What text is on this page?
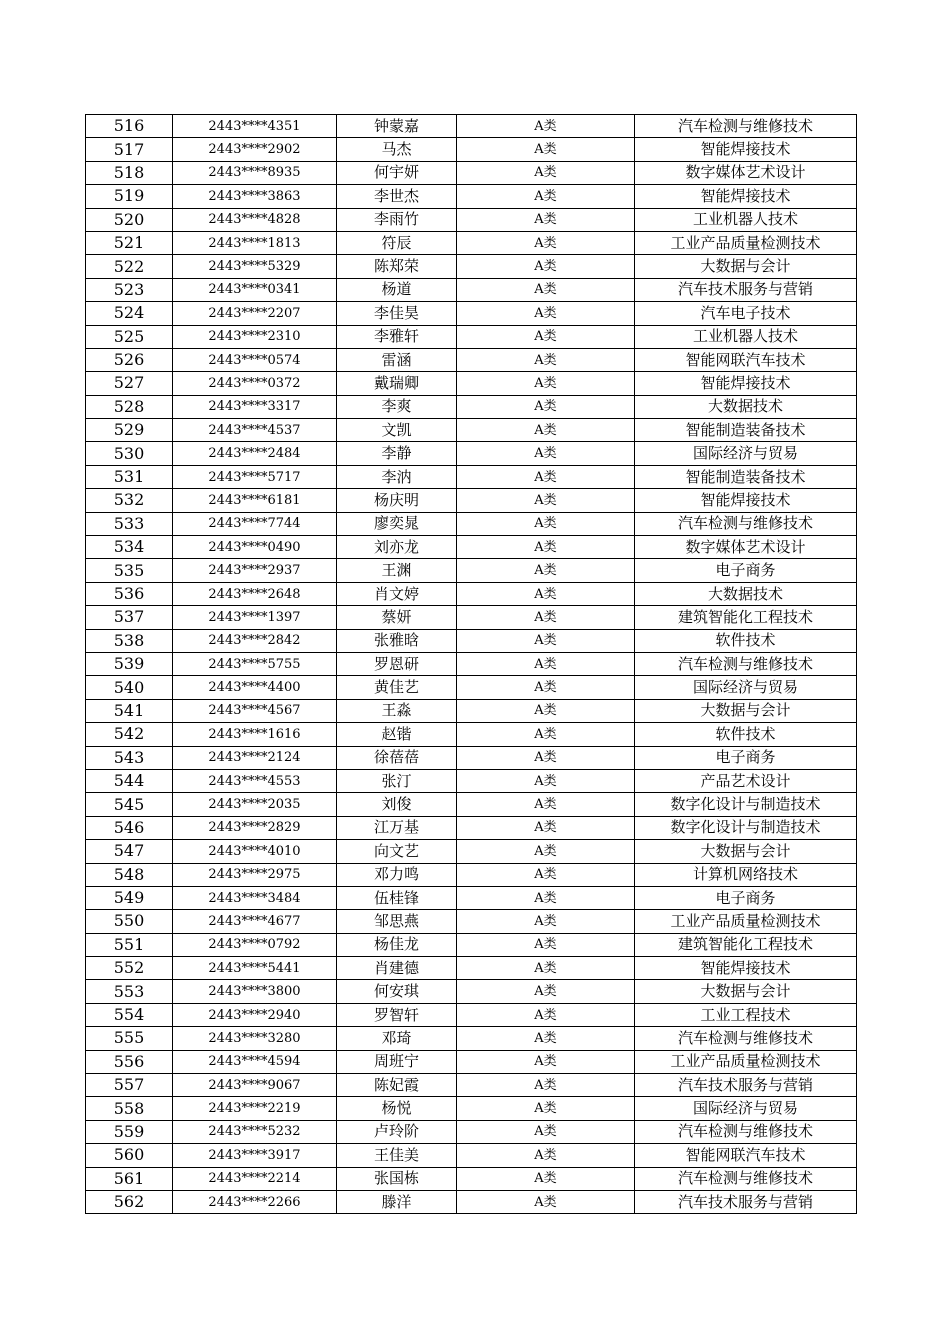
516	2443****4351	钟蒙嘉	A类	汽车检测与维修技术
517	2443****2902	马杰	A类	智能焊接技术
518	2443****8935	何宇妍	A类	数字媒体艺术设计
519	2443****3863	李世杰	A类	智能焊接技术
520	2443****4828	李雨竹	A类	工业机器人技术
521	2443****1813	符辰	A类	工业产品质量检测技术
522	2443****5329	陈郑荣	A类	大数据与会计
523	2443****0341	杨道	A类	汽车技术服务与营销
524	2443****2207	李佳昊	A类	汽车电子技术
525	2443****2310	李雅轩	A类	工业机器人技术
526	2443****0574	雷涵	A类	智能网联汽车技术
527	2443****0372	戴瑞卿	A类	智能焊接技术
528	2443****3317	李爽	A类	大数据技术
529	2443****4537	文凯	A类	智能制造装备技术
530	2443****2484	李静	A类	国际经济与贸易
531	2443****5717	李汭	A类	智能制造装备技术
532	2443****6181	杨庆明	A类	智能焊接技术
533	2443****7744	廖奕晁	A类	汽车检测与维修技术
534	2443****0490	刘亦龙	A类	数字媒体艺术设计
535	2443****2937	王渊	A类	电子商务
536	2443****2648	肖文婷	A类	大数据技术
537	2443****1397	蔡妍	A类	建筑智能化工程技术
538	2443****2842	张雅晗	A类	软件技术
539	2443****5755	罗恩研	A类	汽车检测与维修技术
540	2443****4400	黄佳艺	A类	国际经济与贸易
541	2443****4567	王淼	A类	大数据与会计
542	2443****1616	赵锴	A类	软件技术
543	2443****2124	徐蓓蓓	A类	电子商务
544	2443****4553	张汀	A类	产品艺术设计
545	2443****2035	刘俊	A类	数字化设计与制造技术
546	2443****2829	江万基	A类	数字化设计与制造技术
547	2443****4010	向文艺	A类	大数据与会计
548	2443****2975	邓力鸣	A类	计算机网络技术
549	2443****3484	伍桂锋	A类	电子商务
550	2443****4677	邹思燕	A类	工业产品质量检测技术
551	2443****0792	杨佳龙	A类	建筑智能化工程技术
552	2443****5441	肖建德	A类	智能焊接技术
553	2443****3800	何安琪	A类	大数据与会计
554	2443****2940	罗智轩	A类	工业工程技术
555	2443****3280	邓琦	A类	汽车检测与维修技术
556	2443****4594	周班宁	A类	工业产品质量检测技术
557	2443****9067	陈妃霞	A类	汽车技术服务与营销
558	2443****2219	杨悦	A类	国际经济与贸易
559	2443****5232	卢玲阶	A类	汽车检测与维修技术
560	2443****3917	王佳美	A类	智能网联汽车技术
561	2443****2214	张国栋	A类	汽车检测与维修技术
562	2443****2266	滕洋	A类	汽车技术服务与营销
